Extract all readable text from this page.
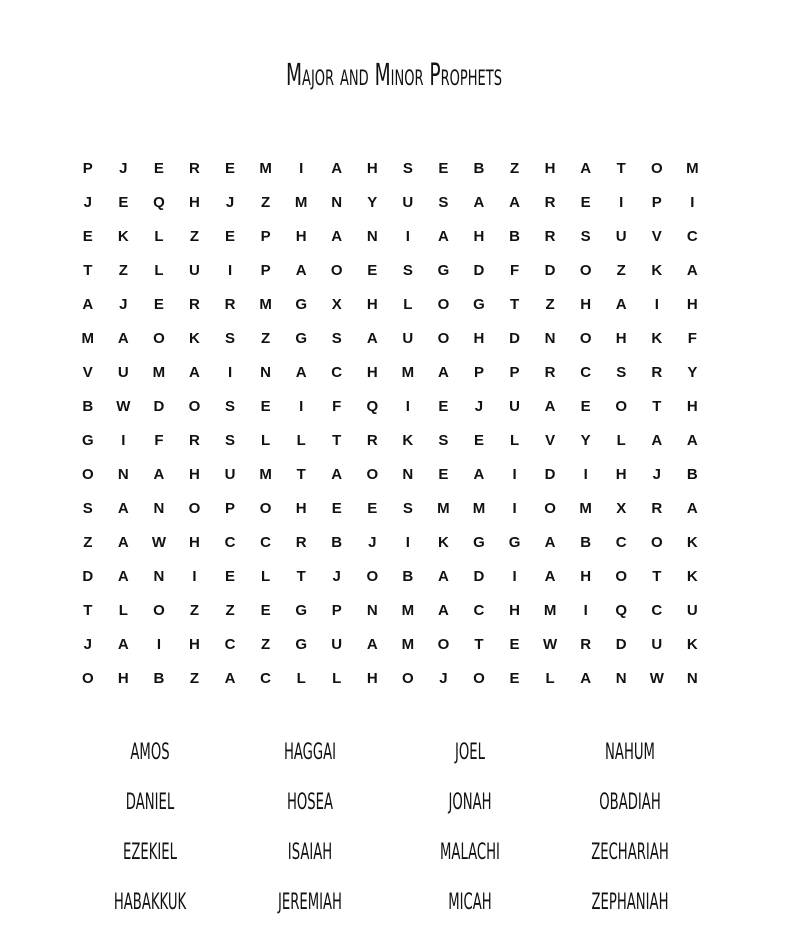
Major and Minor Prophets
P	J	E	R	E	M	I	A	H	S	E	B	Z	H	A	T	O	M
J	E	Q	H	J	Z	M	N	Y	U	S	A	A	R	E	I	P	I
E	K	L	Z	E	P	H	A	N	I	A	H	B	R	S	U	V	C
T	Z	L	U	I	P	A	O	E	S	G	D	F	D	O	Z	K	A
A	J	E	R	R	M	G	X	H	L	O	G	T	Z	H	A	I	H
M	A	O	K	S	Z	G	S	A	U	O	H	D	N	O	H	K	F
V	U	M	A	I	N	A	C	H	M	A	P	P	R	C	S	R	Y
B	W	D	O	S	E	I	F	Q	I	E	J	U	A	E	O	T	H
G	I	F	R	S	L	L	T	R	K	S	E	L	V	Y	L	A	A
O	N	A	H	U	M	T	A	O	N	E	A	I	D	I	H	J	B
S	A	N	O	P	O	H	E	E	S	M	M	I	O	M	X	R	A
Z	A	W	H	C	C	R	B	J	I	K	G	G	A	B	C	O	K
D	A	N	I	E	L	T	J	O	B	A	D	I	A	H	O	T	K
T	L	O	Z	Z	E	G	P	N	M	A	C	H	M	I	Q	C	U
J	A	I	H	C	Z	G	U	A	M	O	T	E	W	R	D	U	K
O	H	B	Z	A	C	L	L	H	O	J	O	E	L	A	N	W	N
AMOS	HAGGAI	JOEL	NAHUM
DANIEL	HOSEA	JONAH	OBADIAH
EZEKIEL	ISAIAH	MALACHI	ZECHARIAH
HABAKKUK	JEREMIAH	MICAH	ZEPHANIAH
